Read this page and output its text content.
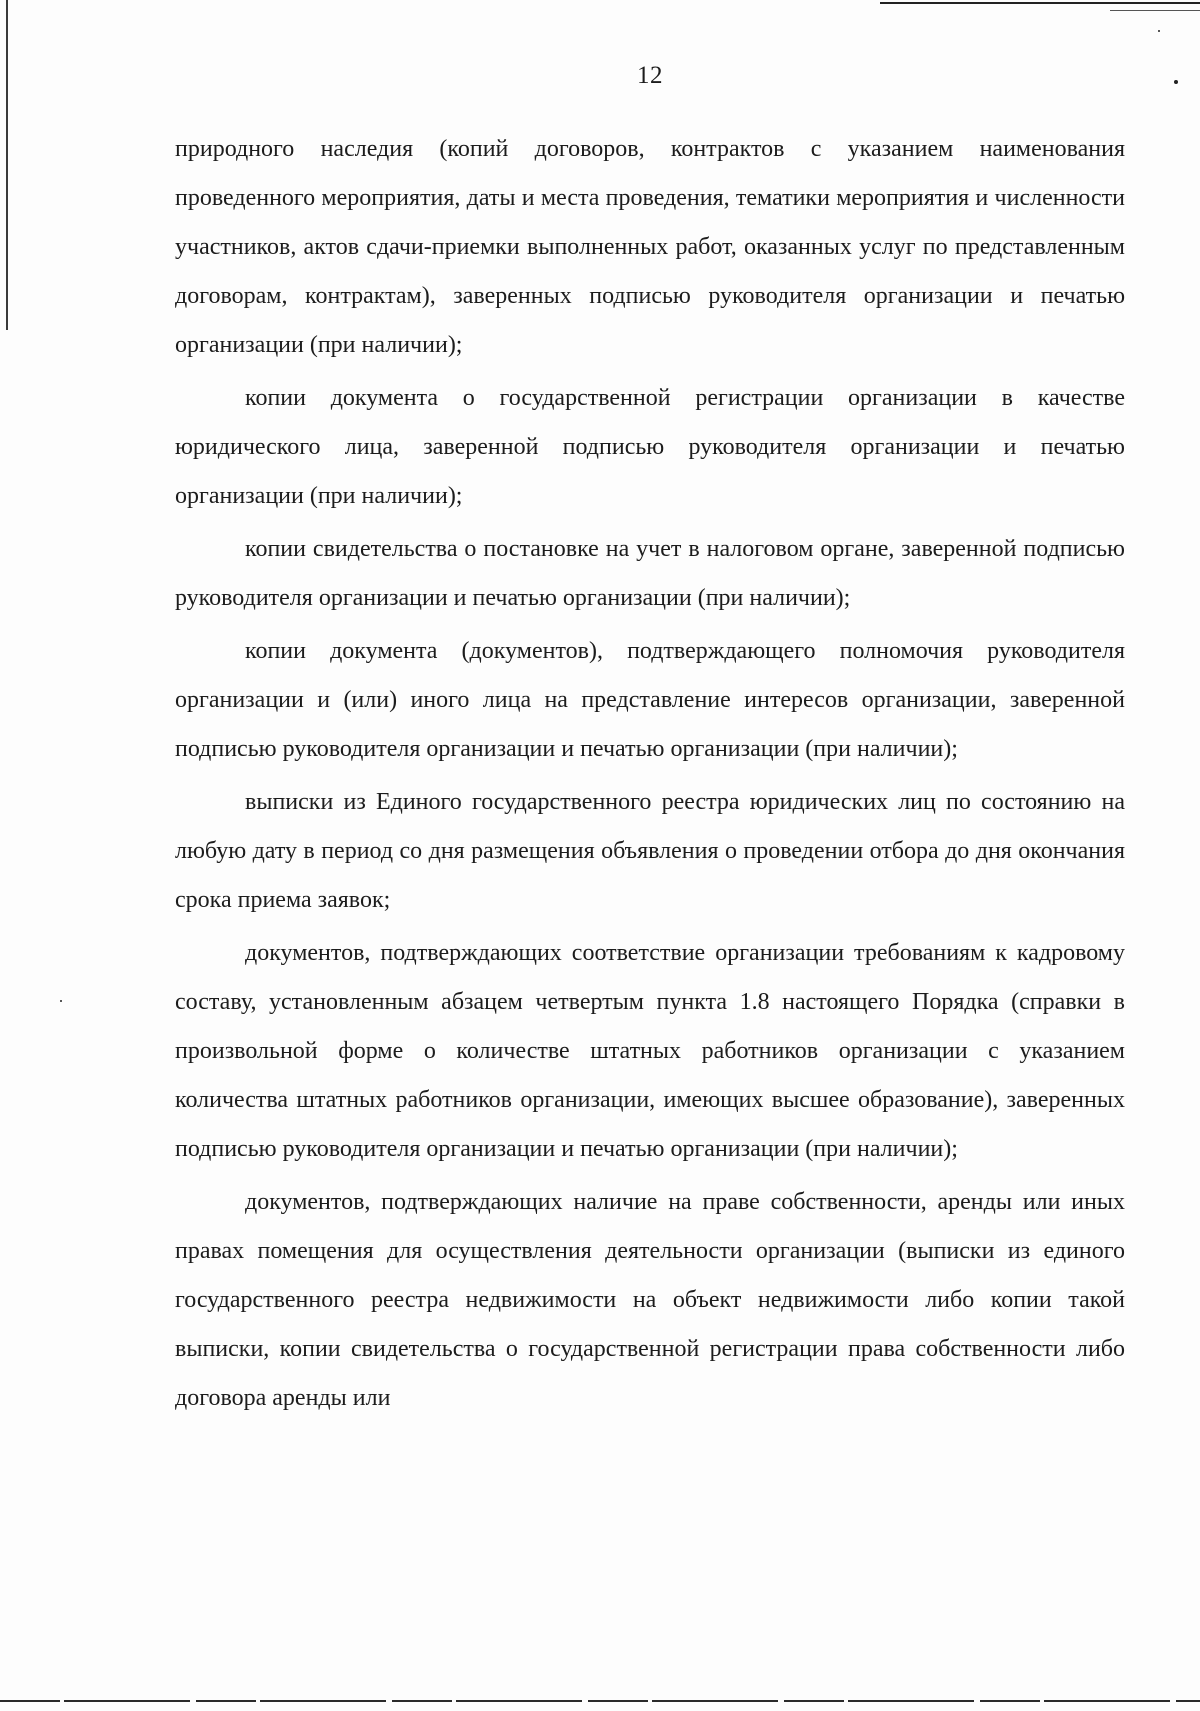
12

природного наследия (копий договоров, контрактов с указанием наименования проведенного мероприятия, даты и места проведения, тематики мероприятия и численности участников, актов сдачи-приемки выполненных работ, оказанных услуг по представленным договорам, контрактам), заверенных подписью руководителя организации и печатью организации (при наличии);

копии документа о государственной регистрации организации в качестве юридического лица, заверенной подписью руководителя организации и печатью организации (при наличии);

копии свидетельства о постановке на учет в налоговом органе, заверенной подписью руководителя организации и печатью организации (при наличии);

копии документа (документов), подтверждающего полномочия руководителя организации и (или) иного лица на представление интересов организации, заверенной подписью руководителя организации и печатью организации (при наличии);

выписки из Единого государственного реестра юридических лиц по состоянию на любую дату в период со дня размещения объявления о проведении отбора до дня окончания срока приема заявок;

документов, подтверждающих соответствие организации требованиям к кадровому составу, установленным абзацем четвертым пункта 1.8 настоящего Порядка (справки в произвольной форме о количестве штатных работников организации с указанием количества штатных работников организации, имеющих высшее образование), заверенных подписью руководителя организации и печатью организации (при наличии);

документов, подтверждающих наличие на праве собственности, аренды или иных правах помещения для осуществления деятельности организации (выписки из единого государственного реестра недвижимости на объект недвижимости либо копии такой выписки, копии свидетельства о государственной регистрации права собственности либо договора аренды или
